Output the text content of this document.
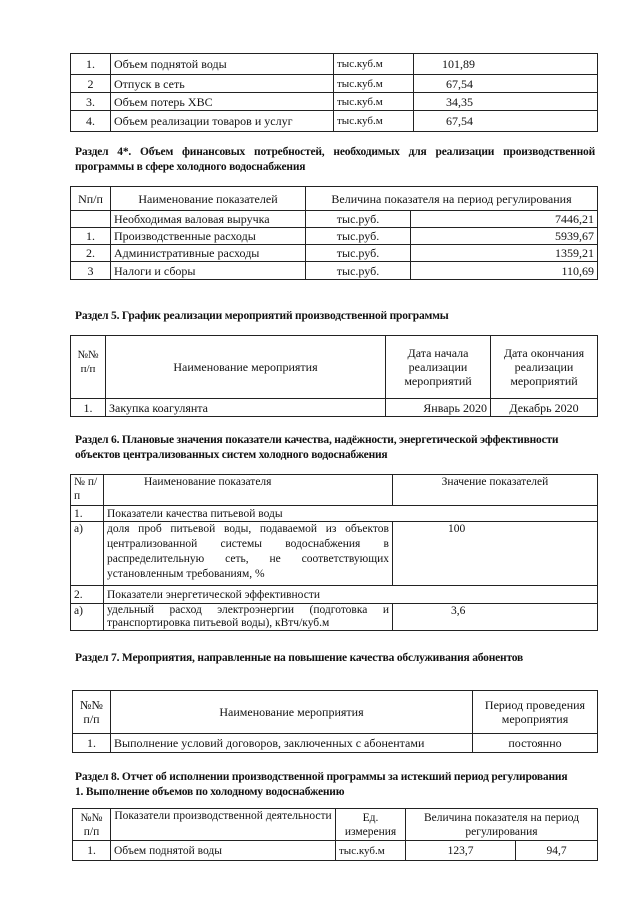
1.	Объем поднятой воды	тыс.куб.м	101,89
2	Отпуск в сеть	тыс.куб.м	67,54
3.	Объем потерь ХВС	тыс.куб.м	34,35
4.	Объем реализации товаров и услуг	тыс.куб.м	67,54
Раздел 4*. Объем финансовых потребностей, необходимых для реализации производственной программы в сфере холодного водоснабжения
Nп/п	Наименование показателей	Величина показателя на период регулирования	
	Необходимая валовая выручка	тыс.руб.	7446,21
1.	Производственные расходы	тыс.руб.	5939,67
2.	Административные расходы	тыс.руб.	1359,21
3	Налоги и сборы	тыс.руб.	110,69
Раздел 5. График реализации мероприятий производственной программы
№№ п/п	Наименование мероприятия	Дата начала реализации мероприятий	Дата окончания реализации мероприятий
1.	Закупка коагулянта	Январь 2020	Декабрь 2020
Раздел 6. Плановые значения показатели качества, надёжности, энергетической эффективности объектов централизованных систем холодного водоснабжения
№ п/п	Наименование показателя	Значение показателей
1.	Показатели качества питьевой воды	
а)	доля проб питьевой воды, подаваемой из объектов централизованной системы водоснабжения в распределительную сеть, не соответствующих установленным требованиям, %	100
2.	Показатели энергетической эффективности	
а)	удельный расход электроэнергии (подготовка и транспортировка питьевой воды), кВтч/куб.м	3,6
Раздел 7. Мероприятия, направленные на повышение качества обслуживания абонентов
№№ п/п	Наименование мероприятия	Период проведения мероприятия
1.	Выполнение условий договоров, заключенных с абонентами	постоянно
Раздел 8. Отчет об исполнении производственной программы за истекший период регулирования
1. Выполнение объемов по холодному водоснабжению
№№ п/п	Показатели производственной деятельности	Ед. измерения	Величина показателя на период регулирования	
1.	Объем поднятой воды	тыс.куб.м	123,7	94,7
